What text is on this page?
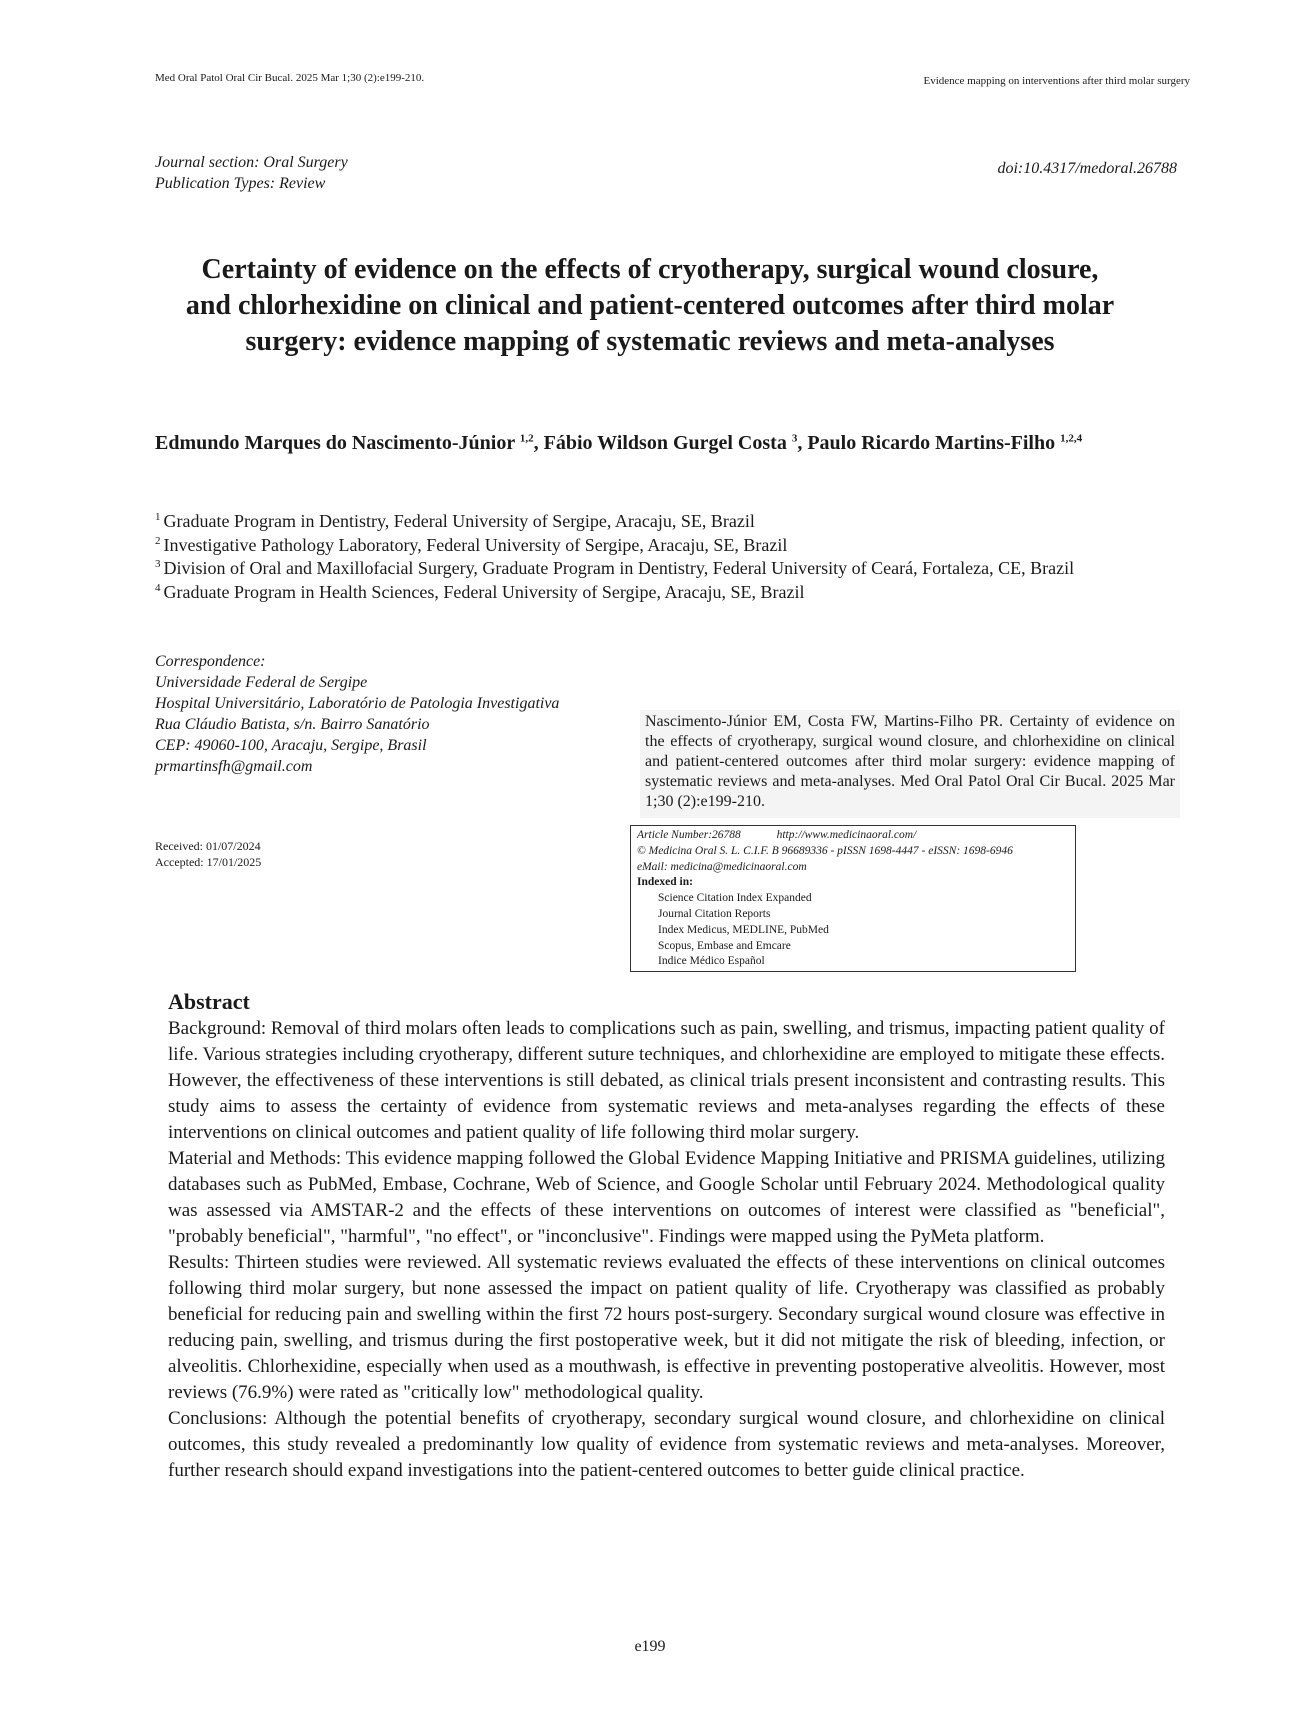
Med Oral Patol Oral Cir Bucal. 2025 Mar 1;30 (2):e199-210.	Evidence mapping on interventions after third molar surgery
Journal section: Oral Surgery
Publication Types: Review
doi:10.4317/medoral.26788
Certainty of evidence on the effects of cryotherapy, surgical wound closure,
and chlorhexidine on clinical and patient-centered outcomes after third molar
surgery: evidence mapping of systematic reviews and meta-analyses
Edmundo Marques do Nascimento-Júnior $^{1,2}$, Fábio Wildson Gurgel Costa $^3$, Paulo Ricardo Martins-Filho $^{1,2,4}$
$^1$ Graduate Program in Dentistry, Federal University of Sergipe, Aracaju, SE, Brazil
$^2$ Investigative Pathology Laboratory, Federal University of Sergipe, Aracaju, SE, Brazil
$^3$ Division of Oral and Maxillofacial Surgery, Graduate Program in Dentistry, Federal University of Ceará, Fortaleza, CE, Brazil
$^4$ Graduate Program in Health Sciences, Federal University of Sergipe, Aracaju, SE, Brazil
Correspondence:
Universidade Federal de Sergipe
Hospital Universitário, Laboratório de Patologia Investigativa
Rua Cláudio Batista, s/n. Bairro Sanatório
CEP: 49060-100, Aracaju, Sergipe, Brasil
prmartinsfh@gmail.com
Received: 01/07/2024
Accepted: 17/01/2025
Nascimento-Júnior EM, Costa FW, Martins-Filho PR. Certainty of evidence on the effects of cryotherapy, surgical wound closure, and chlorhexidine on clinical and patient-centered outcomes after third molar surgery: evidence mapping of systematic reviews and meta-analyses. Med Oral Patol Oral Cir Bucal. 2025 Mar 1;30 (2):e199-210.
Article Number:26788	http://www.medicinaoral.com/
© Medicina Oral S. L. C.I.F. B 96689336 - pISSN 1698-4447 - eISSN: 1698-6946
eMail: medicina@medicinaoral.com
Indexed in:
Science Citation Index Expanded
Journal Citation Reports
Index Medicus, MEDLINE, PubMed
Scopus, Embase and Emcare
Indice Médico Español
Abstract

Background: Removal of third molars often leads to complications such as pain, swelling, and trismus, impacting patient quality of life. Various strategies including cryotherapy, different suture techniques, and chlorhexidine are employed to mitigate these effects. However, the effectiveness of these interventions is still debated, as clinical trials present inconsistent and contrasting results. This study aims to assess the certainty of evidence from systematic reviews and meta-analyses regarding the effects of these interventions on clinical outcomes and patient quality of life following third molar surgery.

Material and Methods: This evidence mapping followed the Global Evidence Mapping Initiative and PRISMA guidelines, utilizing databases such as PubMed, Embase, Cochrane, Web of Science, and Google Scholar until February 2024. Methodological quality was assessed via AMSTAR-2 and the effects of these interventions on outcomes of interest were classified as "beneficial", "probably beneficial", "harmful", "no effect", or "inconclusive". Findings were mapped using the PyMeta platform.

Results: Thirteen studies were reviewed. All systematic reviews evaluated the effects of these interventions on clinical outcomes following third molar surgery, but none assessed the impact on patient quality of life. Cryotherapy was classified as probably beneficial for reducing pain and swelling within the first 72 hours post-surgery. Secondary surgical wound closure was effective in reducing pain, swelling, and trismus during the first postoperative week, but it did not mitigate the risk of bleeding, infection, or alveolitis. Chlorhexidine, especially when used as a mouthwash, is effective in preventing postoperative alveolitis. However, most reviews (76.9%) were rated as "critically low" methodological quality.

Conclusions: Although the potential benefits of cryotherapy, secondary surgical wound closure, and chlorhexidine on clinical outcomes, this study revealed a predominantly low quality of evidence from systematic reviews and meta-analyses. Moreover, further research should expand investigations into the patient-centered outcomes to better guide clinical practice.

e199
